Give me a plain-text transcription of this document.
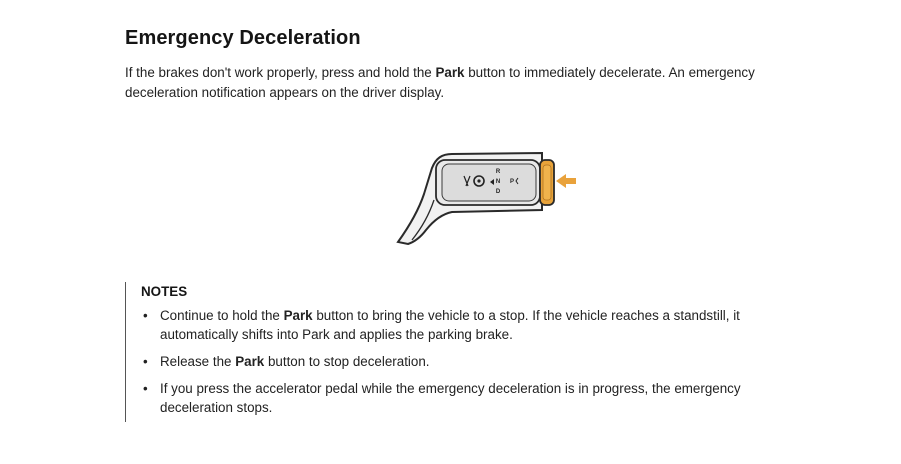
Emergency Deceleration

If the brakes don't work properly, press and hold the Park button to immediately decelerate. An emergency deceleration notification appears on the driver display.

R
N
D
P
NOTES
• Continue to hold the Park button to bring the vehicle to a stop. If the vehicle reaches a standstill, it automatically shifts into Park and applies the parking brake.
• Release the Park button to stop deceleration.
• If you press the accelerator pedal while the emergency deceleration is in progress, the emergency deceleration stops.
